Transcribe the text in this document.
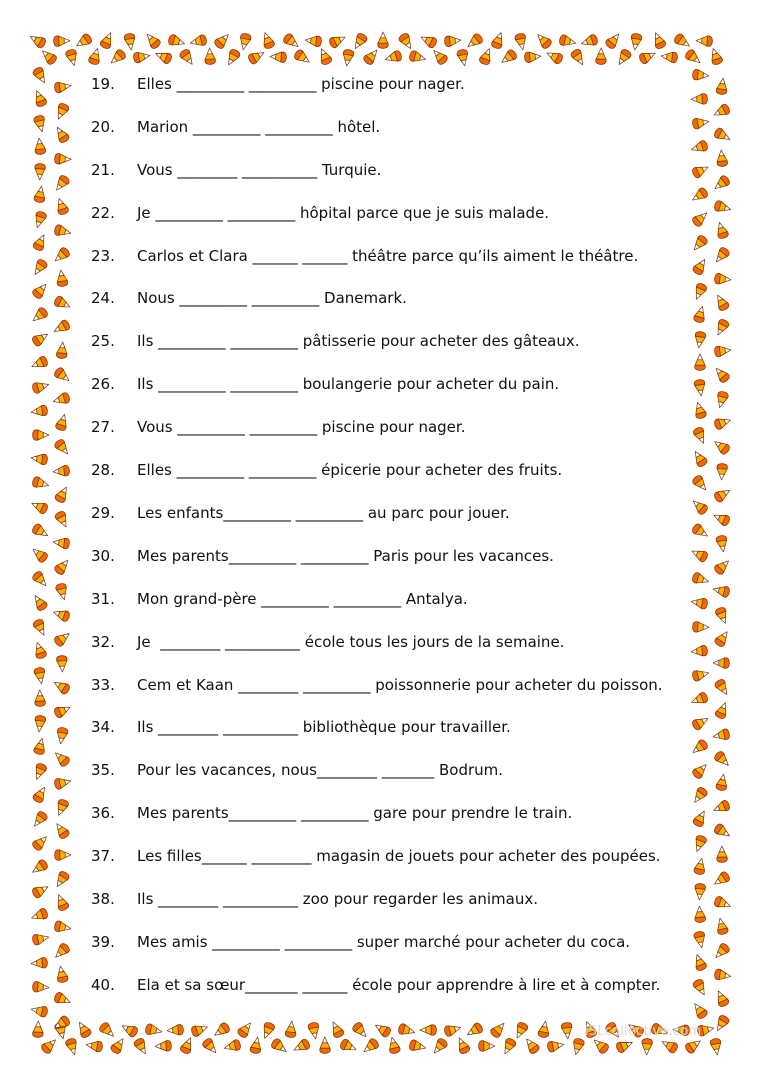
19.

Elles _________ _________ piscine pour nager.

20.

Marion _________ _________ hôtel.

21.

Vous ________ __________ Turquie.

22.

Je _________ _________ hôpital parce que je suis malade.

23.

Carlos et Clara ______ ______ théâtre parce qu’ils aiment le théâtre.

24.

Nous _________ _________ Danemark.

25.

Ils _________ _________ pâtisserie pour acheter des gâteaux.

26.

Ils _________ _________ boulangerie pour acheter du pain.

27.

Vous _________ _________ piscine pour nager.

28.

Elles _________ _________ épicerie pour acheter des fruits.

29.

Les enfants_________ _________ au parc pour jouer.

30.

Mes parents_________ _________ Paris pour les vacances.

31.

Mon grand-père _________ _________ Antalya.

32.

Je  ________ __________ école tous les jours de la semaine.

33.

Cem et Kaan ________ _________ poissonnerie pour acheter du poisson.

34.

Ils ________ __________ bibliothèque pour travailler.

35.

Pour les vacances, nous________ _______ Bodrum.

36.

Mes parents_________ _________ gare pour prendre le train.

37.

Les filles______ ________ magasin de jouets pour acheter des poupées.

38.

Ils ________ __________ zoo pour regarder les animaux.

39.

Mes amis _________ _________ super marché pour acheter du coca.

40.

Ela et sa sœur_______ ______ école pour apprendre à lire et à compter.

iSLcollective.com
